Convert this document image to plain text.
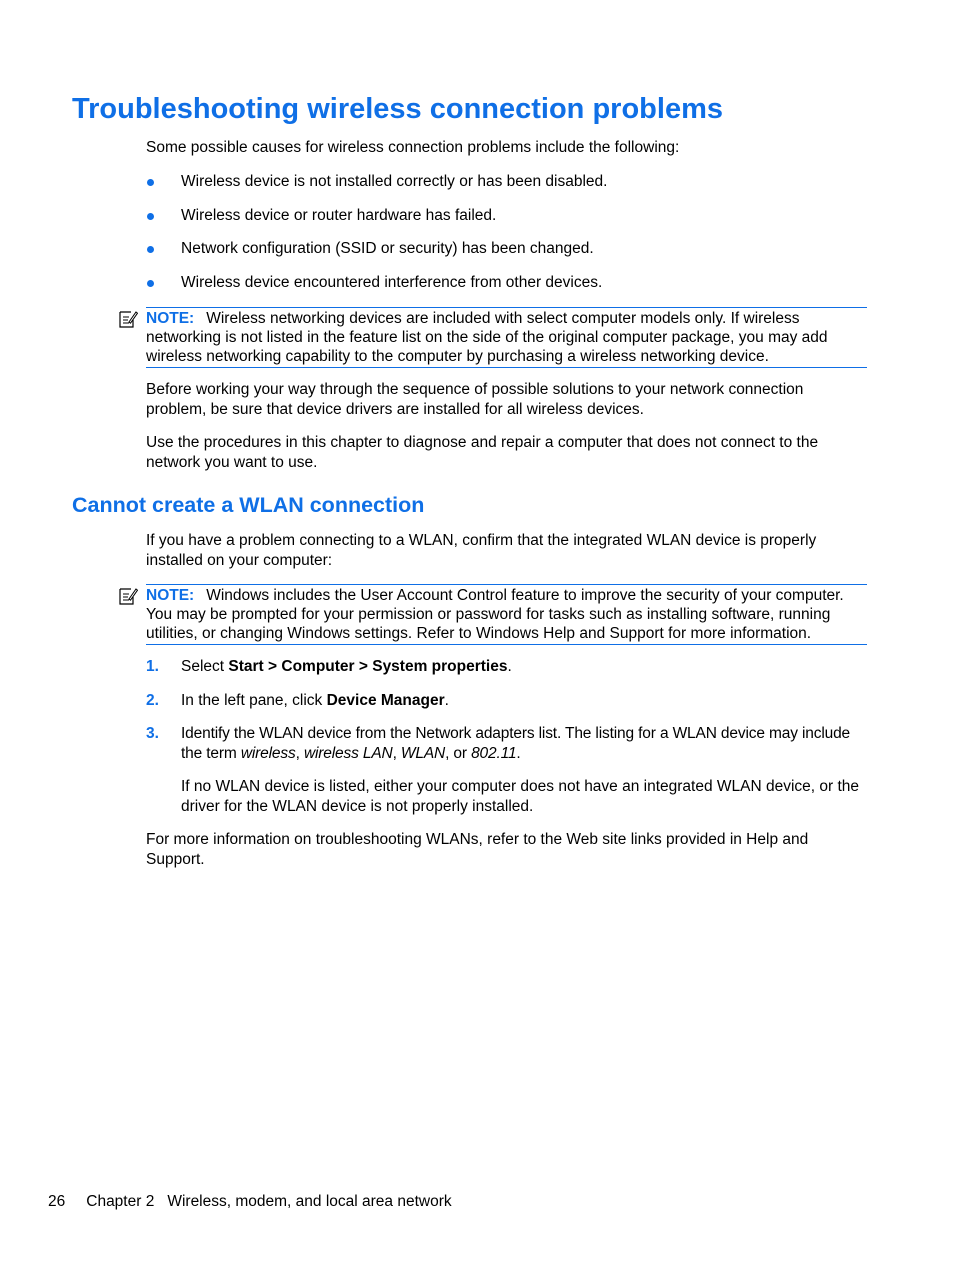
Troubleshooting wireless connection problems

Some possible causes for wireless connection problems include the following:

Wireless device is not installed correctly or has been disabled.
Wireless device or router hardware has failed.
Network configuration (SSID or security) has been changed.
Wireless device encountered interference from other devices.
NOTE: Wireless networking devices are included with select computer models only. If wireless networking is not listed in the feature list on the side of the original computer package, you may add wireless networking capability to the computer by purchasing a wireless networking device.

Before working your way through the sequence of possible solutions to your network connection problem, be sure that device drivers are installed for all wireless devices.

Use the procedures in this chapter to diagnose and repair a computer that does not connect to the network you want to use.

Cannot create a WLAN connection

If you have a problem connecting to a WLAN, confirm that the integrated WLAN device is properly installed on your computer:

NOTE: Windows includes the User Account Control feature to improve the security of your computer. You may be prompted for your permission or password for tasks such as installing software, running utilities, or changing Windows settings. Refer to Windows Help and Support for more information.
1. Select Start > Computer > System properties.
2. In the left pane, click Device Manager.
3. Identify the WLAN device from the Network adapters list. The listing for a WLAN device may include the term wireless, wireless LAN, WLAN, or 802.11.

If no WLAN device is listed, either your computer does not have an integrated WLAN device, or the driver for the WLAN device is not properly installed.

For more information on troubleshooting WLANs, refer to the Web site links provided in Help and Support.

26 Chapter 2 Wireless, modem, and local area network
